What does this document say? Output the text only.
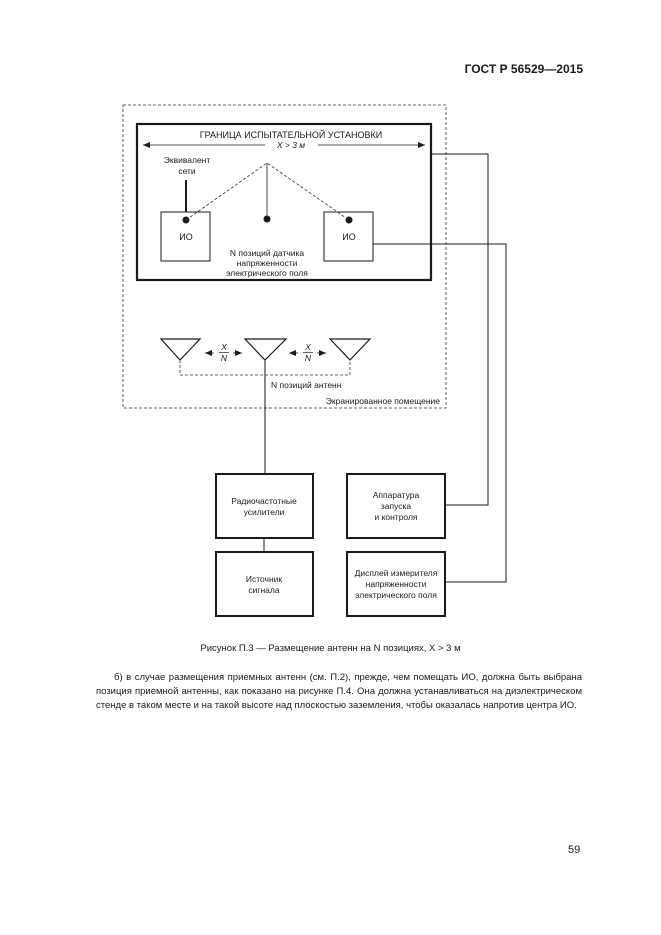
ГОСТ Р 56529—2015
ГРАНИЦА ИСПЫТАТЕЛЬНОЙ УСТАНОВКИ
X > 3 м
Эквивалент
сети
ИО	ИО
N позиций датчика
напряженности
электрического поля
X
N
X
N
N позиций антенн
Экранированное помещение
Радиочастотные
усилители
Источник
сигнала
Аппаратура
запуска
и контроля
Дисплей измерителя
напряженности
электрического поля
Рисунок П.3 — Размещение антенн на N позициях, X > 3 м

б) в случае размещения приемных антенн (см. П.2), прежде, чем помещать ИО, должна быть выбрана позиция приемной антенны, как показано на рисунке П.4. Она должна устанавливаться на диэлектрическом стенде в таком месте и на такой высоте над плоскостью заземления, чтобы оказалась напротив центра ИО.

59
